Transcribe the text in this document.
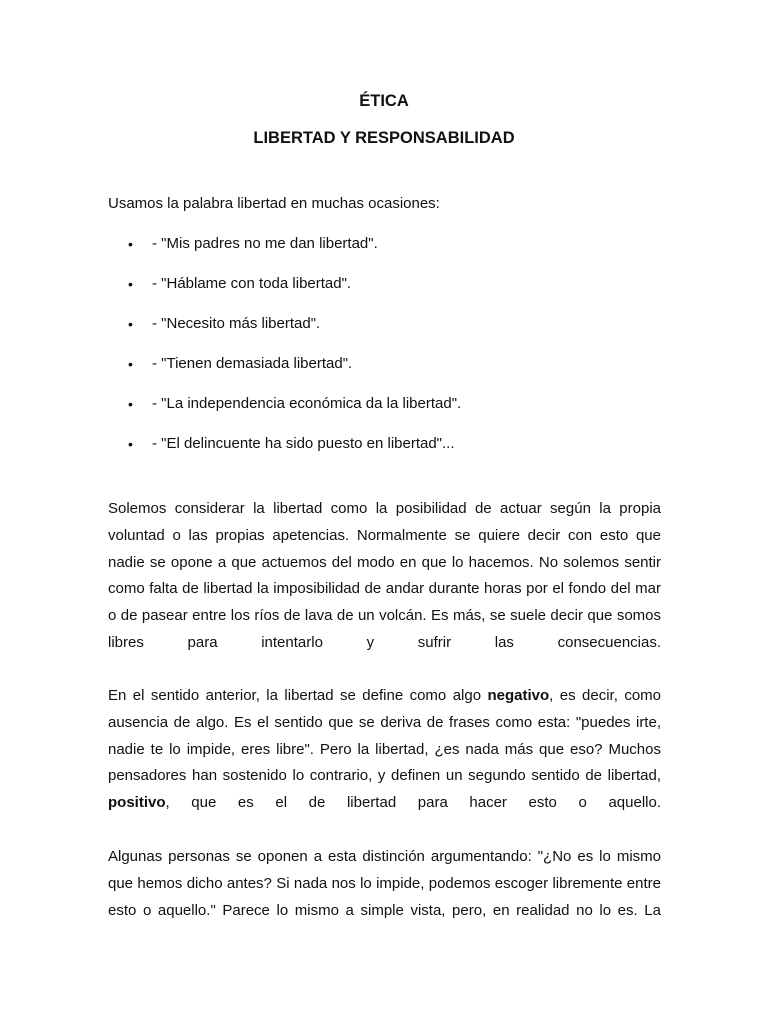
ÉTICA
LIBERTAD Y RESPONSABILIDAD

Usamos la palabra libertad en muchas ocasiones:

• - "Mis padres no me dan libertad".
• - "Háblame con toda libertad".
• - "Necesito más libertad".
• - "Tienen demasiada libertad".
• - "La independencia económica da la libertad".
• - "El delincuente ha sido puesto en libertad"...

Solemos considerar la libertad como la posibilidad de actuar según la propia voluntad o las propias apetencias. Normalmente se quiere decir con esto que nadie se opone a que actuemos del modo en que lo hacemos. No solemos sentir como falta de libertad la imposibilidad de andar durante horas por el fondo del mar o de pasear entre los ríos de lava de un volcán. Es más, se suele decir que somos libres para intentarlo y sufrir las consecuencias.

En el sentido anterior, la libertad se define como algo negativo, es decir, como ausencia de algo. Es el sentido que se deriva de frases como esta: "puedes irte, nadie te lo impide, eres libre". Pero la libertad, ¿es nada más que eso? Muchos pensadores han sostenido lo contrario, y definen un segundo sentido de libertad, positivo, que es el de libertad para hacer esto o aquello.

Algunas personas se oponen a esta distinción argumentando: "¿No es lo mismo que hemos dicho antes? Si nada nos lo impide, podemos escoger libremente entre esto o aquello." Parece lo mismo a simple vista, pero, en realidad no lo es. La
